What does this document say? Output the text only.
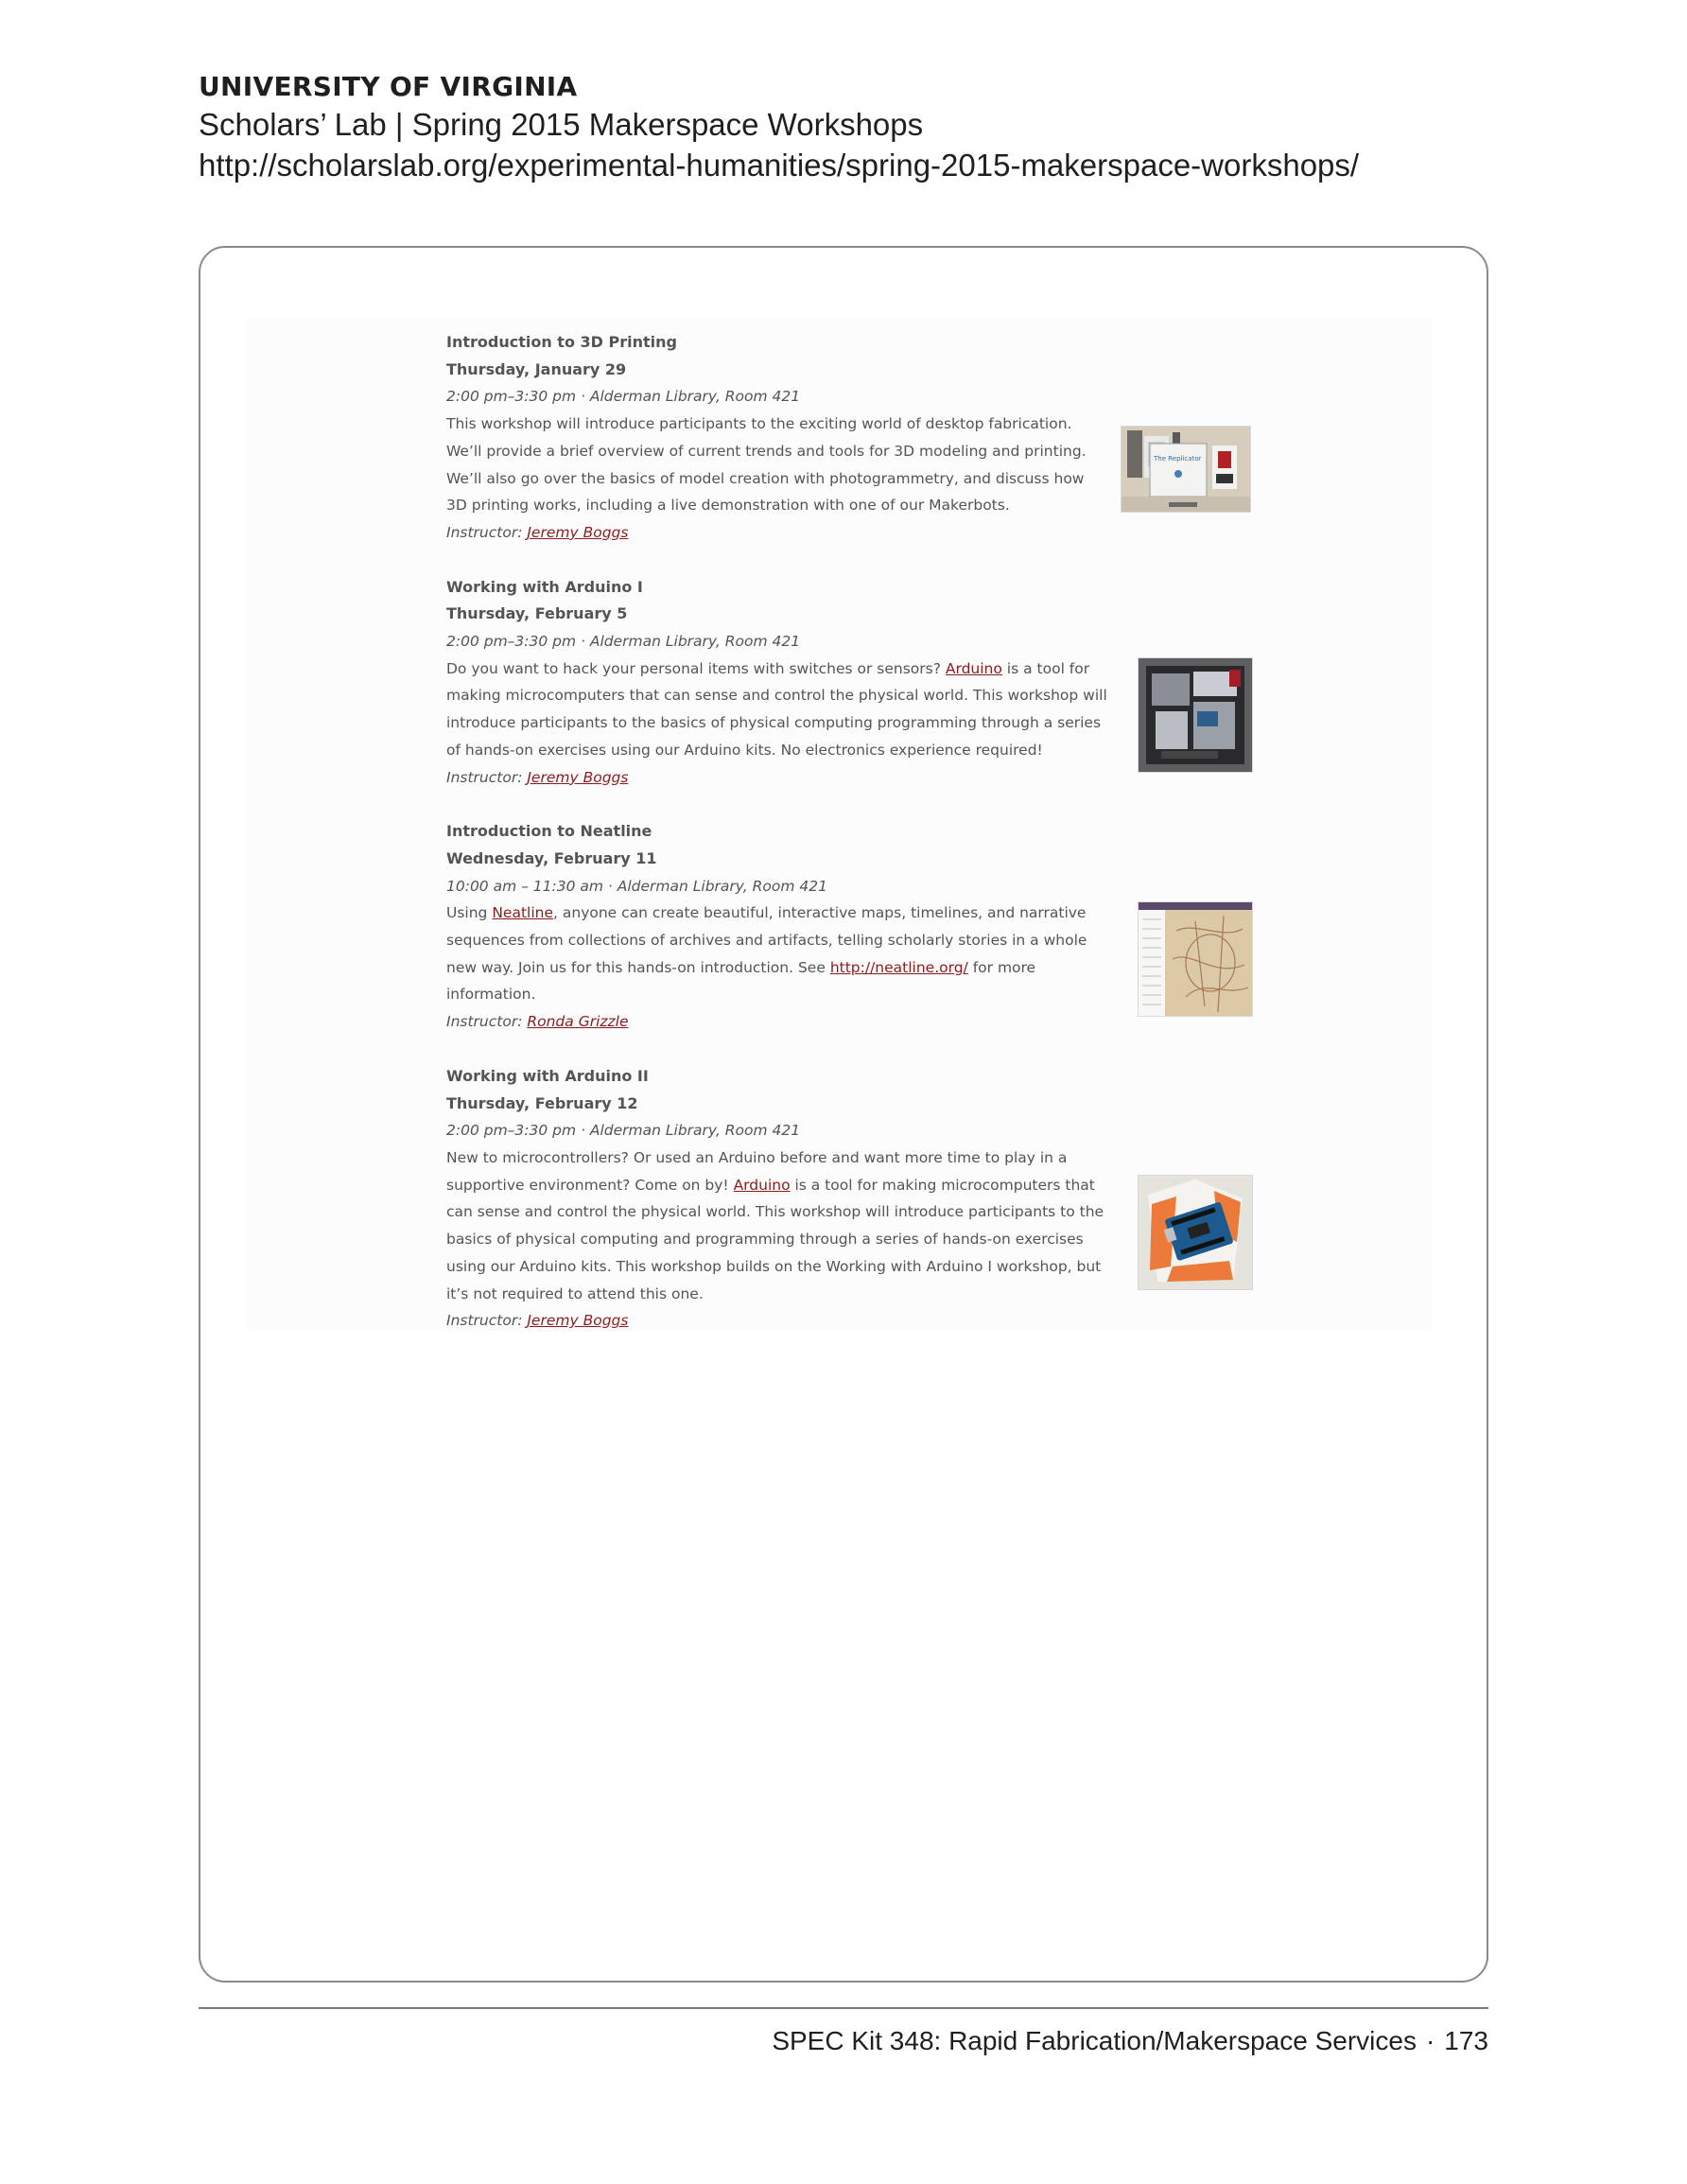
UNIVERSITY OF VIRGINIA
Scholars’ Lab | Spring 2015 Makerspace Workshops
http://scholarslab.org/experimental-humanities/spring-2015-makerspace-workshops/
Introduction to 3D Printing
Thursday, January 29
2:00 pm–3:30 pm · Alderman Library, Room 421
This workshop will introduce participants to the exciting world of desktop fabrication. We’ll provide a brief overview of current trends and tools for 3D modeling and printing. We’ll also go over the basics of model creation with photogrammetry, and discuss how 3D printing works, including a live demonstration with one of our Makerbots.
Instructor: Jeremy Boggs
The Replicator
Working with Arduino I
Thursday, February 5
2:00 pm–3:30 pm · Alderman Library, Room 421
Do you want to hack your personal items with switches or sensors? Arduino is a tool for making microcomputers that can sense and control the physical world. This workshop will introduce participants to the basics of physical computing programming through a series of hands-on exercises using our Arduino kits. No electronics experience required!
Instructor: Jeremy Boggs
Introduction to Neatline
Wednesday, February 11
10:00 am – 11:30 am · Alderman Library, Room 421
Using Neatline, anyone can create beautiful, interactive maps, timelines, and narrative sequences from collections of archives and artifacts, telling scholarly stories in a whole new way. Join us for this hands-on introduction. See http://neatline.org/ for more information.
Instructor: Ronda Grizzle
Working with Arduino II
Thursday, February 12
2:00 pm–3:30 pm · Alderman Library, Room 421
New to microcontrollers? Or used an Arduino before and want more time to play in a supportive environment? Come on by! Arduino is a tool for making microcomputers that can sense and control the physical world. This workshop will introduce participants to the basics of physical computing and programming through a series of hands-on exercises using our Arduino kits. This workshop builds on the Working with Arduino I workshop, but it’s not required to attend this one.
Instructor: Jeremy Boggs
SPEC Kit 348: Rapid Fabrication/Makerspace Services · 173
